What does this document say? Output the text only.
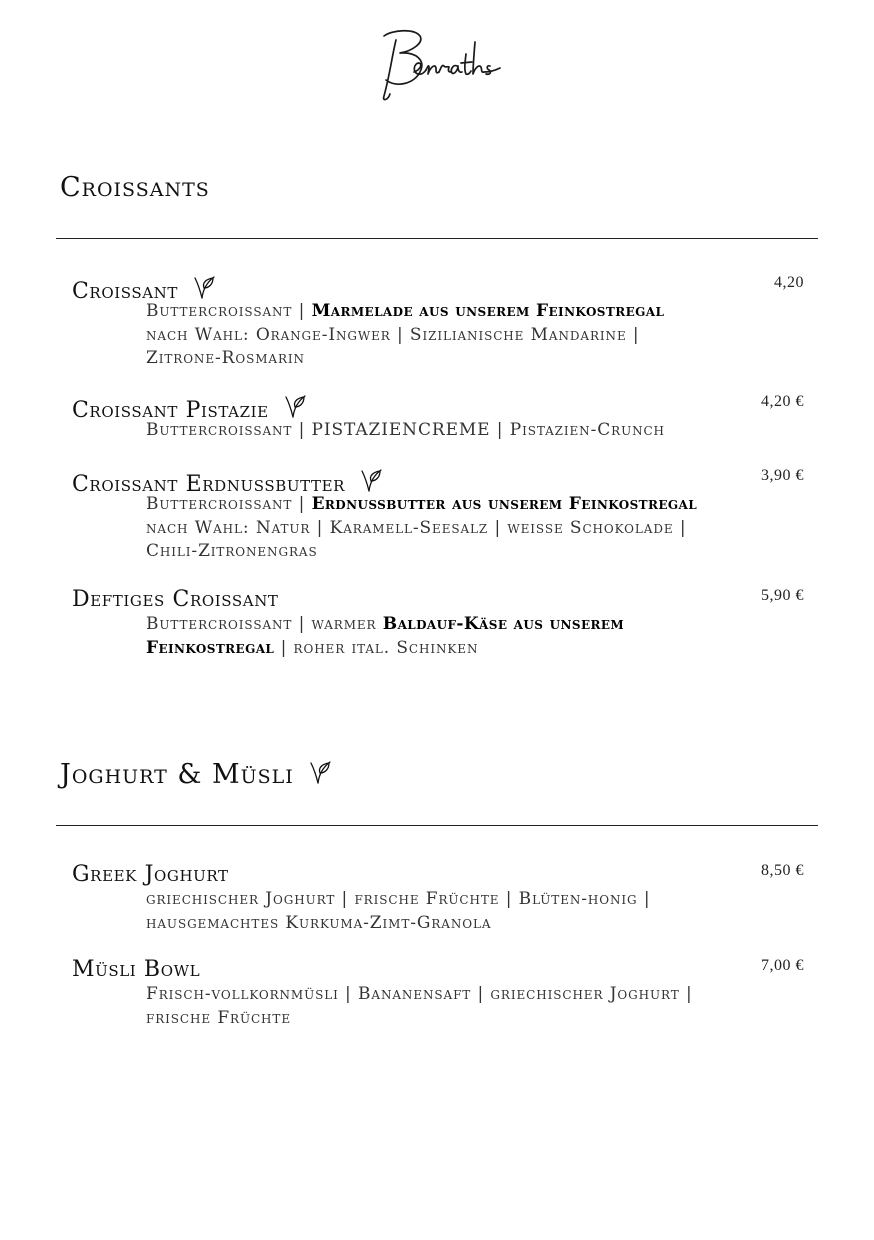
Croissants
Croissant	4,20
Buttercroissant | Marmelade aus unserem Feinkostregal nach Wahl: Orange-Ingwer | Sizilianische Mandarine | Zitrone-Rosmarin
Croissant Pistazie	4,20 €
Buttercroissant | PISTAZIENCREME | Pistazien-Crunch
Croissant Erdnussbutter	3,90 €
Buttercroissant | Erdnussbutter aus unserem Feinkostregal nach Wahl: Natur | Karamell-Seesalz | weisse Schokolade | Chili-Zitronengras
Deftiges Croissant	5,90 €
Buttercroissant | warmer Baldauf-Käse aus unserem Feinkostregal | roher ital. Schinken
Joghurt & Müsli
Greek Joghurt	8,50 €
griechischer Joghurt | frische Früchte | Blüten-honig | hausgemachtes Kurkuma-Zimt-Granola
Müsli Bowl	7,00 €
Frisch-vollkornmüsli | Bananensaft | griechischer Joghurt | frische Früchte
